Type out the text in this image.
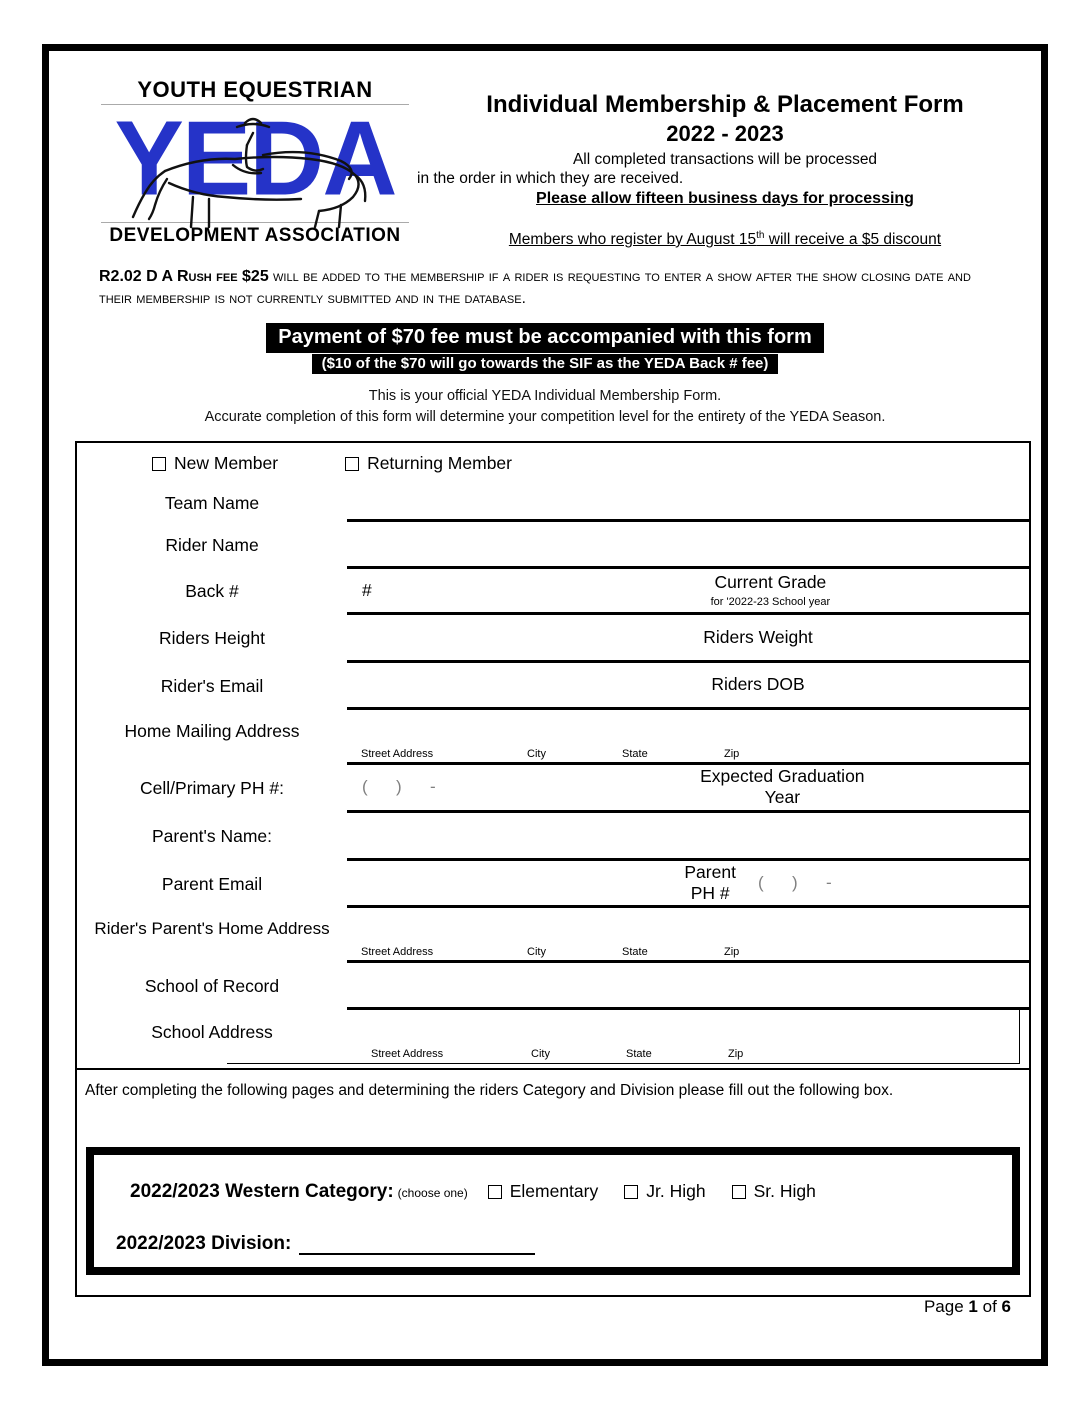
YOUTH EQUESTRIAN
YEDA
DEVELOPMENT ASSOCIATION
Individual Membership & Placement Form
2022 - 2023

All completed transactions will be processed

in the order in which they are received.

Please allow fifteen business days for processing

Members who register by August 15th will receive a $5 discount

R2.02 D A Rush fee $25 will be added to the membership if a rider is requesting to enter a show after the show closing date and their membership is not currently submitted and in the database.

Payment of $70 fee must be accompanied with this form
($10 of the $70 will go towards the SIF as the YEDA Back # fee)
This is your official YEDA Individual Membership Form.
Accurate completion of this form will determine your competition level for the entirety of the YEDA Season.
New Member	Returning Member
Team Name
Rider Name
Back #	#	Current Grade
for '2022-23 School year
Riders Height	Riders Weight
Rider's Email	Riders DOB
Home Mailing Address
Street Address	City	State	Zip
Cell/Primary PH #:	(      )      -
Expected Graduation
Year
Parent's Name:
Parent Email
Parent
PH #
(      )      -
Rider's Parent's Home Address
Street Address	City	State	Zip
School of Record
School Address
Street Address	City	State	Zip
After completing the following pages and determining the riders Category and Division please fill out the following box.
2022/2023 Western Category: (choose one) Elementary	Jr. High	Sr. High
2022/2023 Division:
Page 1 of 6
